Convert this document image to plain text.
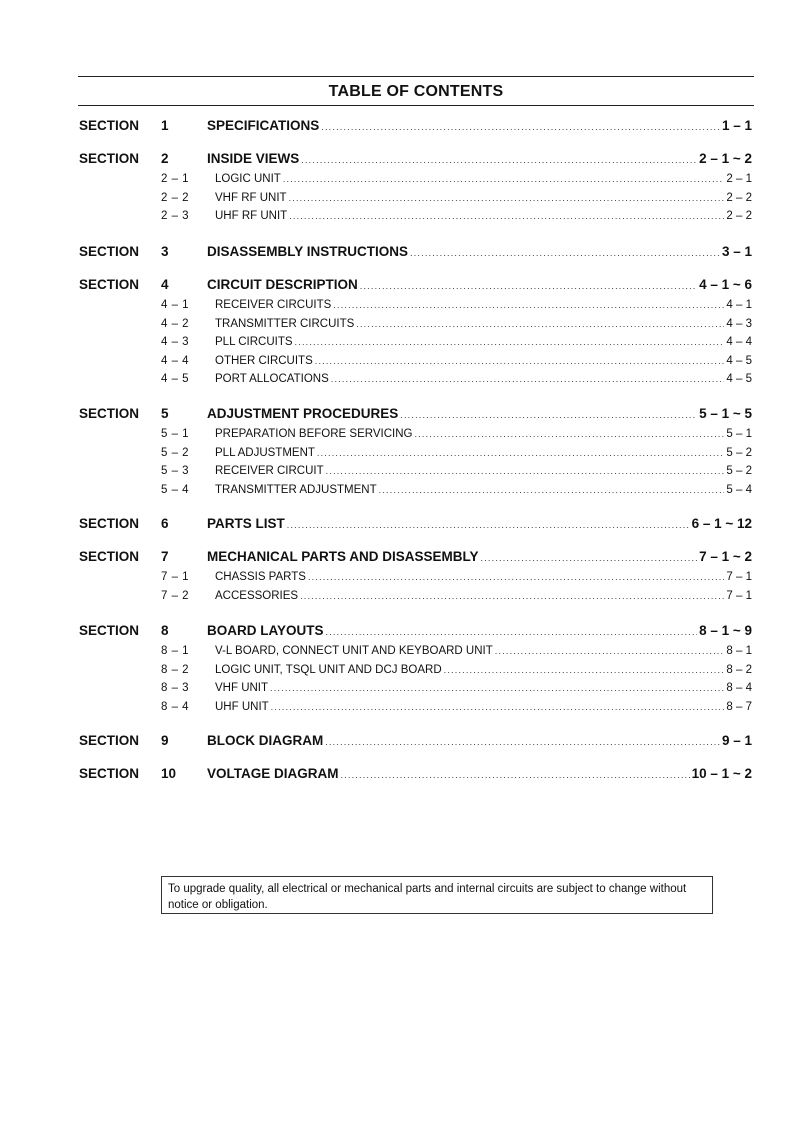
TABLE OF CONTENTS
SECTION 1	SPECIFICATIONS .....	1 – 1
SECTION 2	INSIDE VIEWS .....	2 – 1 ~ 2
2 – 1 LOGIC UNIT .....	2 – 1
2 – 2 VHF RF UNIT .....	2 – 2
2 – 3 UHF RF UNIT .....	2 – 2
SECTION 3	DISASSEMBLY INSTRUCTIONS .....	3 – 1
SECTION 4	CIRCUIT DESCRIPTION .....	4 – 1 ~ 6
4 – 1 RECEIVER CIRCUITS .....	4 – 1
4 – 2 TRANSMITTER CIRCUITS .....	4 – 3
4 – 3 PLL CIRCUITS .....	4 – 4
4 – 4 OTHER CIRCUITS .....	4 – 5
4 – 5 PORT ALLOCATIONS .....	4 – 5
SECTION 5	ADJUSTMENT PROCEDURES .....	5 – 1 ~ 5
5 – 1 PREPARATION BEFORE SERVICING .....	5 – 1
5 – 2 PLL ADJUSTMENT .....	5 – 2
5 – 3 RECEIVER CIRCUIT .....	5 – 2
5 – 4 TRANSMITTER ADJUSTMENT .....	5 – 4
SECTION 6	PARTS LIST .....	6 – 1 ~ 12
SECTION 7	MECHANICAL PARTS AND DISASSEMBLY .....	7 – 1 ~ 2
7 – 1 CHASSIS PARTS .....	7 – 1
7 – 2 ACCESSORIES .....	7 – 1
SECTION 8	BOARD LAYOUTS .....	8 – 1 ~ 9
8 – 1 V-L BOARD, CONNECT UNIT AND KEYBOARD UNIT .....	8 – 1
8 – 2 LOGIC UNIT, TSQL UNIT AND DCJ BOARD .....	8 – 2
8 – 3 VHF UNIT .....	8 – 4
8 – 4 UHF UNIT .....	8 – 7
SECTION 9	BLOCK DIAGRAM .....	9 – 1
SECTION 10 VOLTAGE DIAGRAM .....	10 – 1 ~ 2
To upgrade quality, all electrical or mechanical parts and internal circuits are subject to change without notice or obligation.
